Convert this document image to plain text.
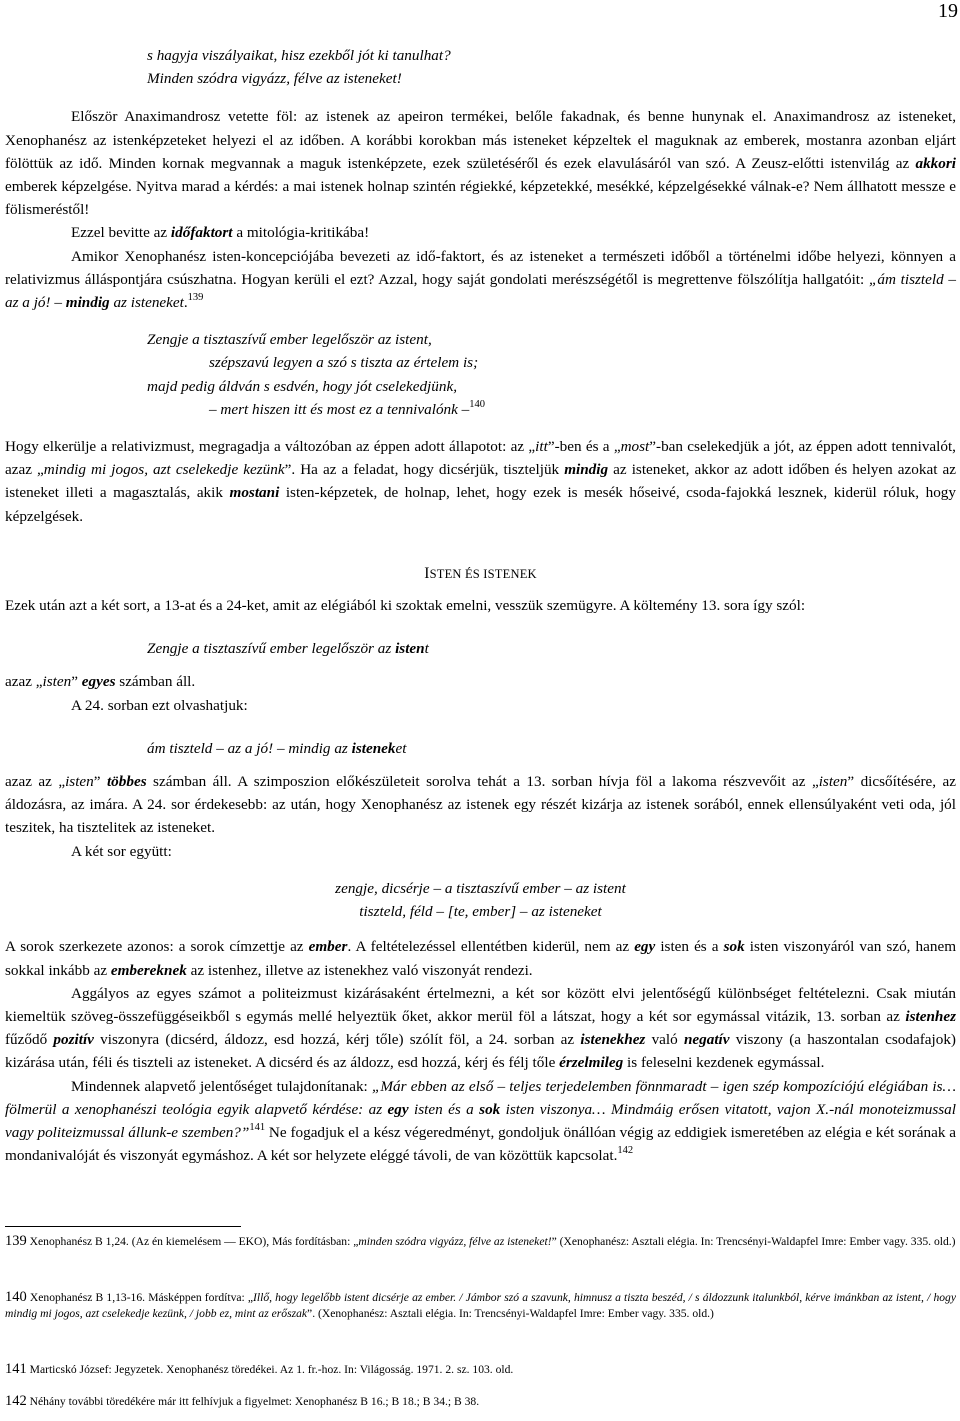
19
s hagyja viszályaikat, hisz ezekből jót ki tanulhat?
Minden szódra vigyázz, félve az isteneket!

Először Anaximandrosz vetette föl: az istenek az apeiron termékei, belőle fakadnak, és benne hunynak el. Anaximandrosz az isteneket, Xenophanész az istenképzeteket helyezi el az időben. A korábbi korokban más isteneket képzeltek el maguknak az emberek, mostanra azonban eljárt fölöttük az idő. Minden kornak megvannak a maguk istenképzete, ezek születéséről és ezek elavulásáról van szó. A Zeusz-előtti istenvilág az akkori emberek képzelgése. Nyitva marad a kérdés: a mai istenek holnap szintén régiekké, képzetekké, mesékké, képzelgésekké válnak-e? Nem állhatott messze e fölismeréstől!

Ezzel bevitte az időfaktort a mitológia-kritikába!

Amikor Xenophanész isten-koncepciójába bevezeti az idő-faktort, és az isteneket a természeti időből a történelmi időbe helyezi, könnyen a relativizmus álláspontjára csúszhatna. Hogyan kerüli el ezt? Azzal, hogy saját gondolati merészségétől is megrettenve fölszólítja hallgatóit: „ám tiszteld – az a jó! – mindig az isteneket.$^{139}$

Zengje a tisztaszívű ember legelőször az istent,
szépszavú legyen a szó s tiszta az értelem is;
majd pedig áldván s esdvén, hogy jót cselekedjünk,
– mert hiszen itt és most ez a tennivalónk –$^{140}$

Hogy elkerülje a relativizmust, megragadja a változóban az éppen adott állapotot: az „itt”-ben és a „most”-ban cselekedjük a jót, az éppen adott tennivalót, azaz „mindig mi jogos, azt cselekedje kezünk”. Ha az a feladat, hogy dicsérjük, tiszteljük mindig az isteneket, akkor az adott időben és helyen azokat az isteneket illeti a magasztalás, akik mostani isten-képzetek, de holnap, lehet, hogy ezek is mesék hőseivé, csoda-fajokká lesznek, kiderül róluk, hogy képzelgések.

ISTEN ÉS ISTENEK

Ezek után azt a két sort, a 13-at és a 24-ket, amit az elégiából ki szoktak emelni, vesszük szemügyre. A költemény 13. sora így szól:

Zengje a tisztaszívű ember legelőször az istent
azaz „isten” egyes számban áll.
A 24. sorban ezt olvashatjuk:
ám tiszteld – az a jó! – mindig az isteneket

azaz az „isten” többes számban áll. A szimposzion előkészületeit sorolva tehát a 13. sorban hívja föl a lakoma részvevőit az „isten” dicsőítésére, az áldozásra, az imára. A 24. sor érdekesebb: az után, hogy Xenophanész az istenek egy részét kizárja az istenek sorából, ennek ellensúlyaként veti oda, jól teszitek, ha tisztelitek az isteneket.

A két sor együtt:
zengje, dicsérje – a tisztaszívű ember – az istent
tiszteld, féld – [te, ember] – az isteneket

A sorok szerkezete azonos: a sorok címzettje az ember. A feltételezéssel ellentétben kiderül, nem az egy isten és a sok isten viszonyáról van szó, hanem sokkal inkább az embereknek az istenhez, illetve az istenekhez való viszonyát rendezi.

Aggályos az egyes számot a politeizmust kizárásaként értelmezni, a két sor között elvi jelentőségű különbséget feltételezni. Csak miután kiemeltük szöveg-összefüggéseikből s egymás mellé helyeztük őket, akkor merül föl a látszat, hogy a két sor egymással vitázik, 13. sorban az istenhez fűződő pozitív viszonyra (dicsérd, áldozz, esd hozzá, kérj tőle) szólít föl, a 24. sorban az istenekhez való negatív viszony (a haszontalan csodafajok) kizárása után, féli és tiszteli az isteneket. A dicsérd és az áldozz, esd hozzá, kérj és félj tőle érzelmileg is feleselni kezdenek egymással.

Mindennek alapvető jelentőséget tulajdonítanak: „Már ebben az első – teljes terjedelemben fönnmaradt – igen szép kompozíciójú elégiában is… fölmerül a xenophanészi teológia egyik alapvető kérdése: az egy isten és a sok isten viszonya… Mindmáig erősen vitatott, vajon X.-nál monoteizmussal vagy politeizmussal állunk-e szemben?”$^{141}$ Ne fogadjuk el a kész végeredményt, gondoljuk önállóan végig az eddigiek ismeretében az elégia e két sorának a mondanivalóját és viszonyát egymáshoz. A két sor helyzete eléggé távoli, de van közöttük kapcsolat.$^{142}$

139 Xenophanész B 1,24. (Az én kiemelésem — EKO), Más fordításban: „minden szódra vigyázz, félve az isteneket!” (Xenophanész: Asztali elégia. In: Trencsényi-Waldapfel Imre: Ember vagy. 335. old.)
140 Xenophanész B 1,13-16. Másképpen fordítva: „Illő, hogy legelőbb istent dicsérje az ember. / Jámbor szó a szavunk, himnusz a tiszta beszéd, / s áldozzunk italunkból, kérve imánkban az istent, / hogy mindig mi jogos, azt cselekedje kezünk, / jobb ez, mint az erőszak”. (Xenophanész: Asztali elégia. In: Trencsényi-Waldapfel Imre: Ember vagy. 335. old.)
141 Marticskó József: Jegyzetek. Xenophanész töredékei. Az 1. fr.-hoz. In: Világosság. 1971. 2. sz. 103. old.
142 Néhány további töredékére már itt felhívjuk a figyelmet: Xenophanész B 16.; B 18.; B 34.; B 38.
